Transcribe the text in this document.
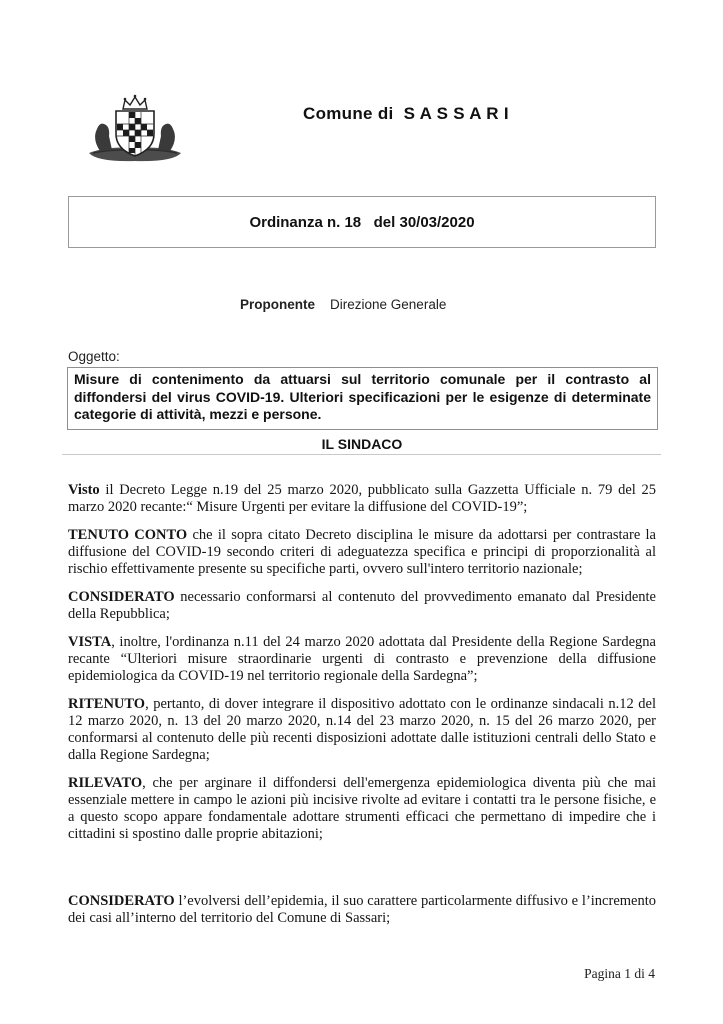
Comune di  S A S S A R I
Ordinanza n. 18   del 30/03/2020
Proponente Direzione Generale
Oggetto:
Misure di contenimento da attuarsi sul territorio comunale per il contrasto al diffondersi del virus COVID-19. Ulteriori specificazioni per le esigenze di determinate categorie di attività, mezzi e persone.
IL SINDACO

Visto il Decreto Legge n.19 del 25 marzo 2020, pubblicato sulla Gazzetta Ufficiale n. 79 del 25 marzo 2020 recante:“ Misure Urgenti per evitare la diffusione del COVID-19”;

TENUTO CONTO che il sopra citato Decreto disciplina le misure da adottarsi per contrastare la diffusione del COVID-19 secondo criteri di adeguatezza specifica e principi di proporzionalità al rischio effettivamente presente su specifiche parti, ovvero sull'intero territorio nazionale;

CONSIDERATO necessario conformarsi al contenuto del provvedimento emanato dal Presidente della Repubblica;

VISTA, inoltre, l'ordinanza n.11 del 24 marzo 2020 adottata dal Presidente della Regione Sardegna recante “Ulteriori misure straordinarie urgenti di contrasto e prevenzione della diffusione epidemiologica da COVID-19 nel territorio regionale della Sardegna”;

RITENUTO, pertanto, di dover integrare il dispositivo adottato con le ordinanze sindacali n.12 del 12 marzo 2020, n. 13 del 20 marzo 2020, n.14 del 23 marzo 2020, n. 15 del 26 marzo 2020, per conformarsi al contenuto delle più recenti disposizioni adottate dalle istituzioni centrali dello Stato e dalla Regione Sardegna;

RILEVATO, che per arginare il diffondersi dell'emergenza epidemiologica diventa più che mai essenziale mettere in campo le azioni più incisive rivolte ad evitare i contatti tra le persone fisiche, e a questo scopo appare fondamentale adottare strumenti efficaci che permettano di impedire che i cittadini si spostino dalle proprie abitazioni;

CONSIDERATO l’evolversi dell’epidemia, il suo carattere particolarmente diffusivo e l’incremento dei casi all’interno del territorio del Comune di Sassari;

Pagina 1 di 4
